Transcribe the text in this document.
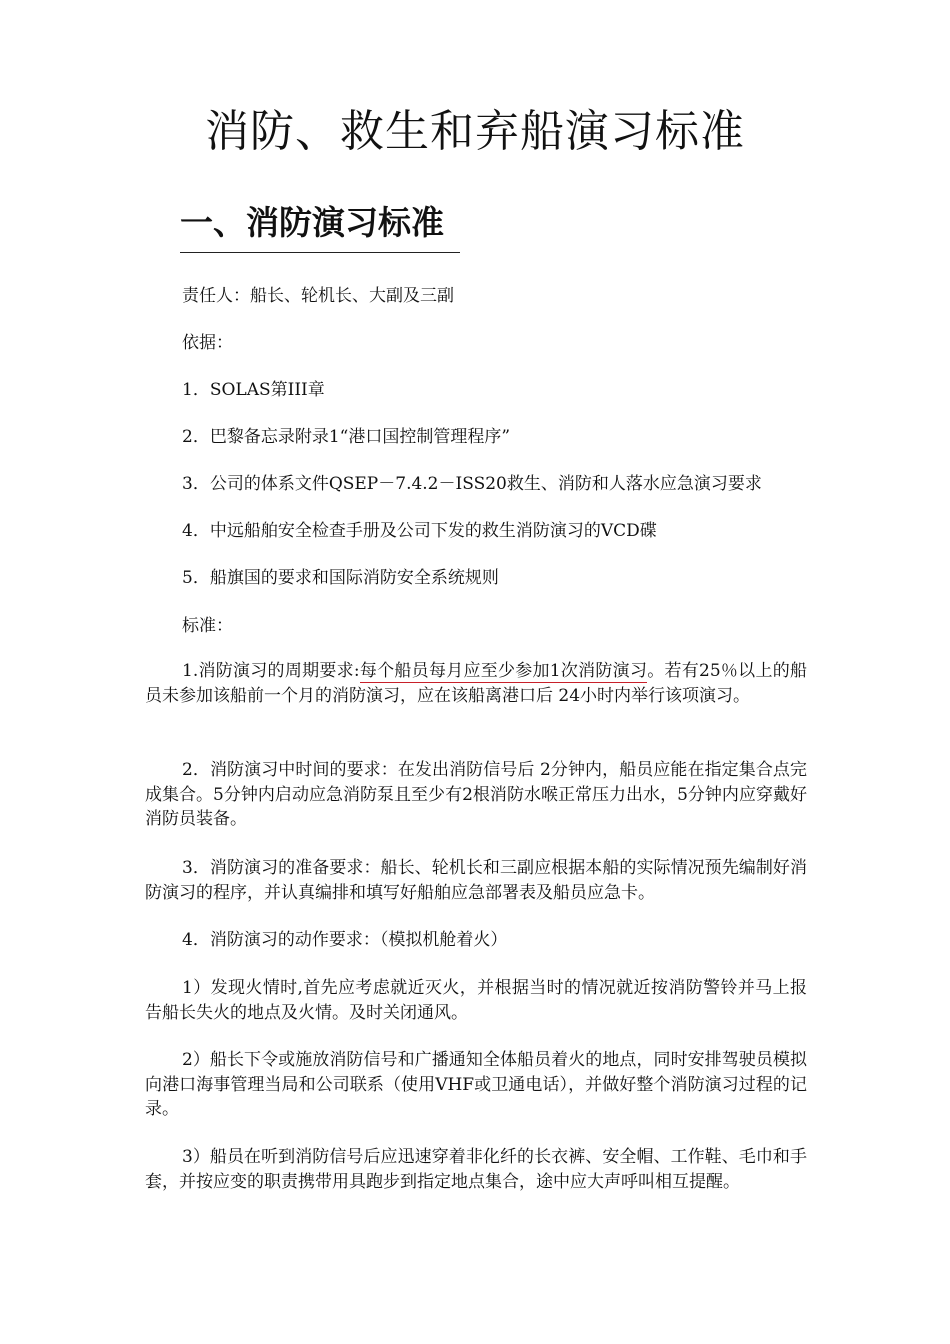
消防、救生和弃船演习标准
一、消防演习标准
责任人：船长、轮机长、大副及三副
依据：
1．SOLAS第III章
2．巴黎备忘录附录1“港口国控制管理程序”
3．公司的体系文件QSEP－7.4.2－ISS20救生、消防和人落水应急演习要求
4．中远船舶安全检查手册及公司下发的救生消防演习的VCD碟
5．船旗国的要求和国际消防安全系统规则
标准：

1.消防演习的周期要求:每个船员每月应至少参加1次消防演习。若有25％以上的船员未参加该船前一个月的消防演习，应在该船离港口后 24小时内举行该项演习。

2．消防演习中时间的要求：在发出消防信号后 2分钟内，船员应能在指定集合点完成集合。5分钟内启动应急消防泵且至少有2根消防水喉正常压力出水，5分钟内应穿戴好消防员装备。

3．消防演习的准备要求：船长、轮机长和三副应根据本船的实际情况预先编制好消防演习的程序，并认真编排和填写好船舶应急部署表及船员应急卡。

4．消防演习的动作要求：（模拟机舱着火）

1）发现火情时,首先应考虑就近灭火，并根据当时的情况就近按消防警铃并马上报告船长失火的地点及火情。及时关闭通风。

2）船长下令或施放消防信号和广播通知全体船员着火的地点，同时安排驾驶员模拟向港口海事管理当局和公司联系（使用VHF或卫通电话），并做好整个消防演习过程的记录。

3）船员在听到消防信号后应迅速穿着非化纤的长衣裤、安全帽、工作鞋、毛巾和手套，并按应变的职责携带用具跑步到指定地点集合，途中应大声呼叫相互提醒。
